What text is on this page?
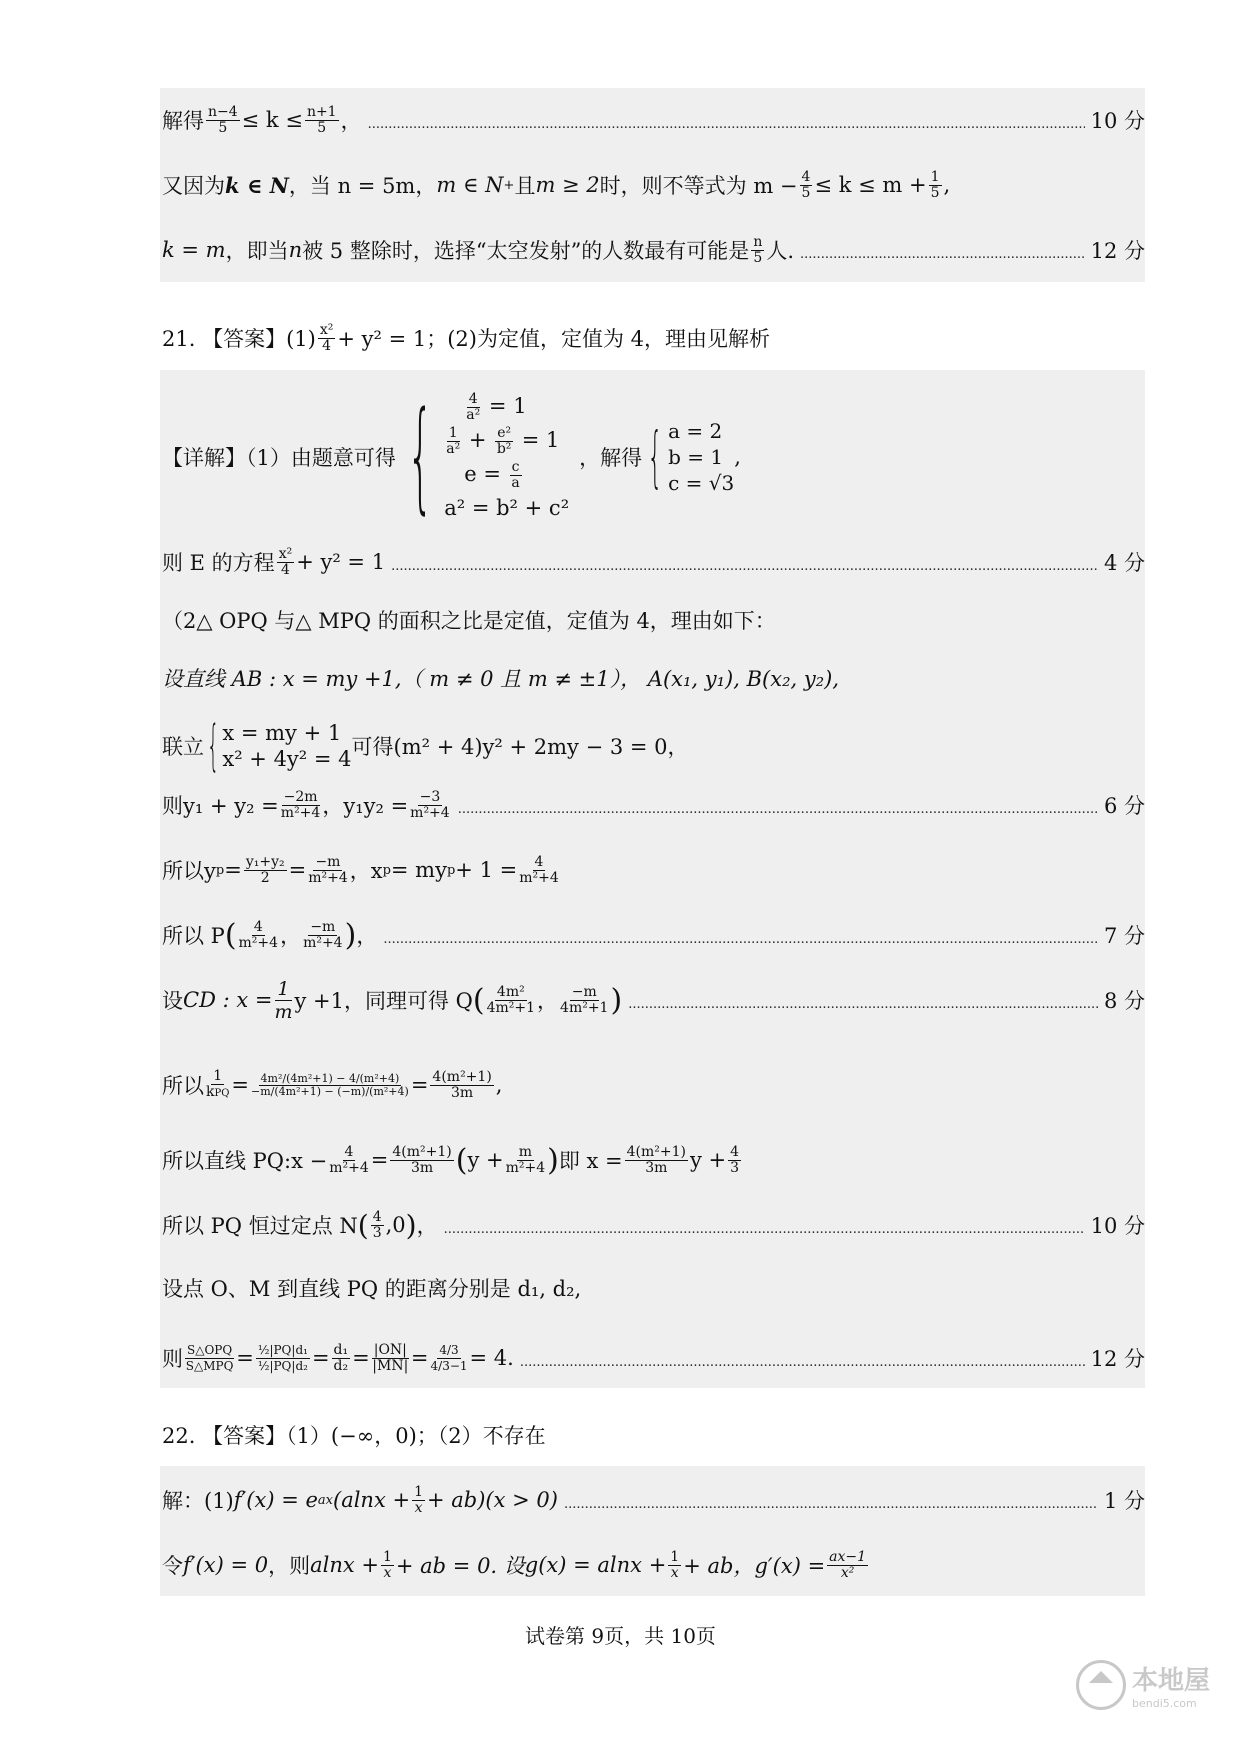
解得 $\frac{n-4}{5} \le k \le \frac{n+1}{5}$ ， .....	10 分
又因为 k ∈ N ，当 n = 5m， m ∈ N + 且 m ≥ 2 时，则不等式为 $m - \frac{4}{5} \le k \le m + \frac{1}{5}$ ,
k = m ，即当 n 被 5 整除时，选择“太空发射”的人数最有可能是 $\frac{n}{5}$ 人. .....	12 分
21. 【答案】$(1) \frac{\text{x²}}{4} + y^2 = 1$；(2)为定值，定值为 4，理由见解析
【详解】（1）由题意可得 {
$\frac{4}{\text{a²}} = 1$
$\frac{1}{\text{a²}} + \frac{\text{e²}}{\text{b²}} = 1$
$e = \frac{c}{a}$
a² = b² + c²
，解得 { a = 2
b = 1
c = √3
,
则 E 的方程 $\frac{\text{x²}}{4} + y^2 = 1$ .....	4 分
（2△ OPQ 与△ MPQ 的面积之比是定值，定值为 4，理由如下：
设直线 AB : x = my +1,（ m ≠ 0 且 m ≠ ±1）， A(x₁, y₁), B(x₂, y₂),
联立 { x = my + 1
x² + 4y² = 4 可得(m² + 4)y² + 2my − 3 = 0，
则$y_1 + y_2 = \frac{-2m}{\text{m²+4}}$ ，$y_1y_2 = \frac{-3}{\text{m²+4}}$ .....	6 分
所以y $p = \frac{\text{y₁+y₂}}{2} = \frac{-m}{\text{m²+4}}$ ，x p = my $p + 1 = \frac{4}{\text{m²+4}}$
所以 P ( $\frac{4}{\text{m²+4}}$ ， $\frac{-m}{\text{m²+4}}$ ) ， .....	7 分
设 CD : $x = \frac{1}{m}$ y +1，同理可得 Q ( $\frac{\text{4m²}}{\text{4m²+1}}$ ， $\frac{-m}{\text{4m²+1}}$ ) .....	8 分
所以 $\frac{1}{\text{kPQ}} = \frac{\text{4m²/(4m²+1) − 4/(m²+4)}}{\text{−m/(4m²+1) − (−m)/(m²+4)}} = \frac{\text{4(m²+1)}}{3m}$ ,
所以直线 PQ:x − $\frac{4}{\text{m²+4}} = \frac{\text{4(m²+1)}}{3m}$ ( $y + \frac{m}{\text{m²+4}}$ ) 即 $x = \frac{\text{4(m²+1)}}{3m}$ $y + \frac{4}{3}$
所以 PQ 恒过定点 N ( $\frac{4}{3} ,0$ ) ， .....	10 分
设点 O、M 到直线 PQ 的距离分别是 d₁, d₂,
则 $\frac{\text{S△OPQ}}{\text{S△MPQ}} = \frac{\text{½|PQ|d₁}}{\text{½|PQ|d₂}} = \frac{\text{d₁}}{\text{d₂}} = \frac{|ON|}{|MN|} = \frac{4/3}{4/3-1} = 4$. .....	12 分
22. 【答案】（1）(−∞，0)；（2）不存在
解：(1) f′(x) = e ax $(alnx + \frac{1}{x} + ab)(x > 0)$ .....	1 分
令 f′(x) = 0 ，则 $alnx + \frac{1}{x}$ + ab = 0. 设 $g(x) = alnx + \frac{1}{x}$ + ab，$g'(x) = \frac{ax-1}{\text{x²}}$
试卷第 9页，共 10页
本地屋
bendi5.com
